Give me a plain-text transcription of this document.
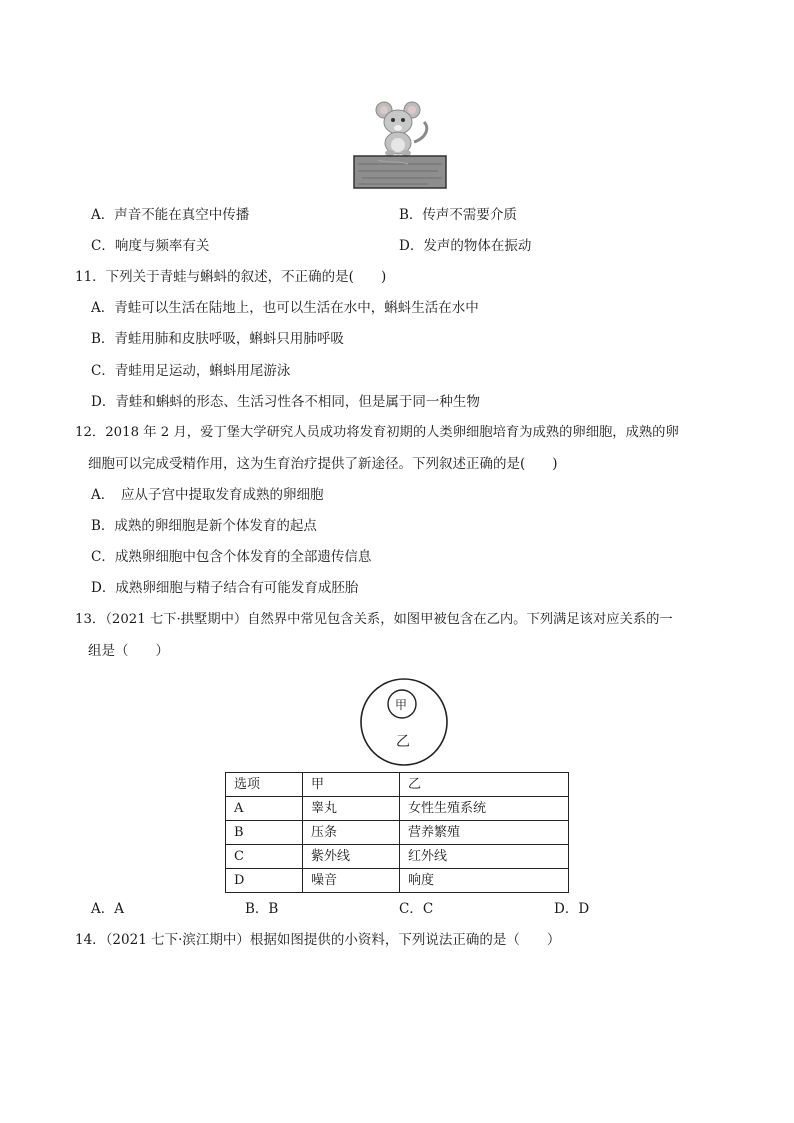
A．声音不能在真空中传播	B．传声不需要介质
C．响度与频率有关	D．发声的物体在振动
11．下列关于青蛙与蝌蚪的叙述，不正确的是(　　)
A．青蛙可以生活在陆地上，也可以生活在水中，蝌蚪生活在水中
B．青蛙用肺和皮肤呼吸，蝌蚪只用肺呼吸
C．青蛙用足运动，蝌蚪用尾游泳
D．青蛙和蝌蚪的形态、生活习性各不相同，但是属于同一种生物
12．2018 年 2 月，爱丁堡大学研究人员成功将发育初期的人类卵细胞培育为成熟的卵细胞，成熟的卵
细胞可以完成受精作用，这为生育治疗提供了新途径。下列叙述正确的是(　　)
A．　应从子宫中提取发育成熟的卵细胞
B．成熟的卵细胞是新个体发育的起点
C．成熟卵细胞中包含个体发育的全部遗传信息
D．成熟卵细胞与精子结合有可能发育成胚胎
13．（2021 七下·拱墅期中）自然界中常见包含关系，如图甲被包含在乙内。下列满足该对应关系的一
组是（　　）
甲
乙
选项	甲	乙
A	睾丸	女性生殖系统
B	压条	营养繁殖
C	紫外线	红外线
D	噪音	响度
A．A	B．B	C．C	D．D
14．（2021 七下·滨江期中）根据如图提供的小资料，下列说法正确的是（　　）
